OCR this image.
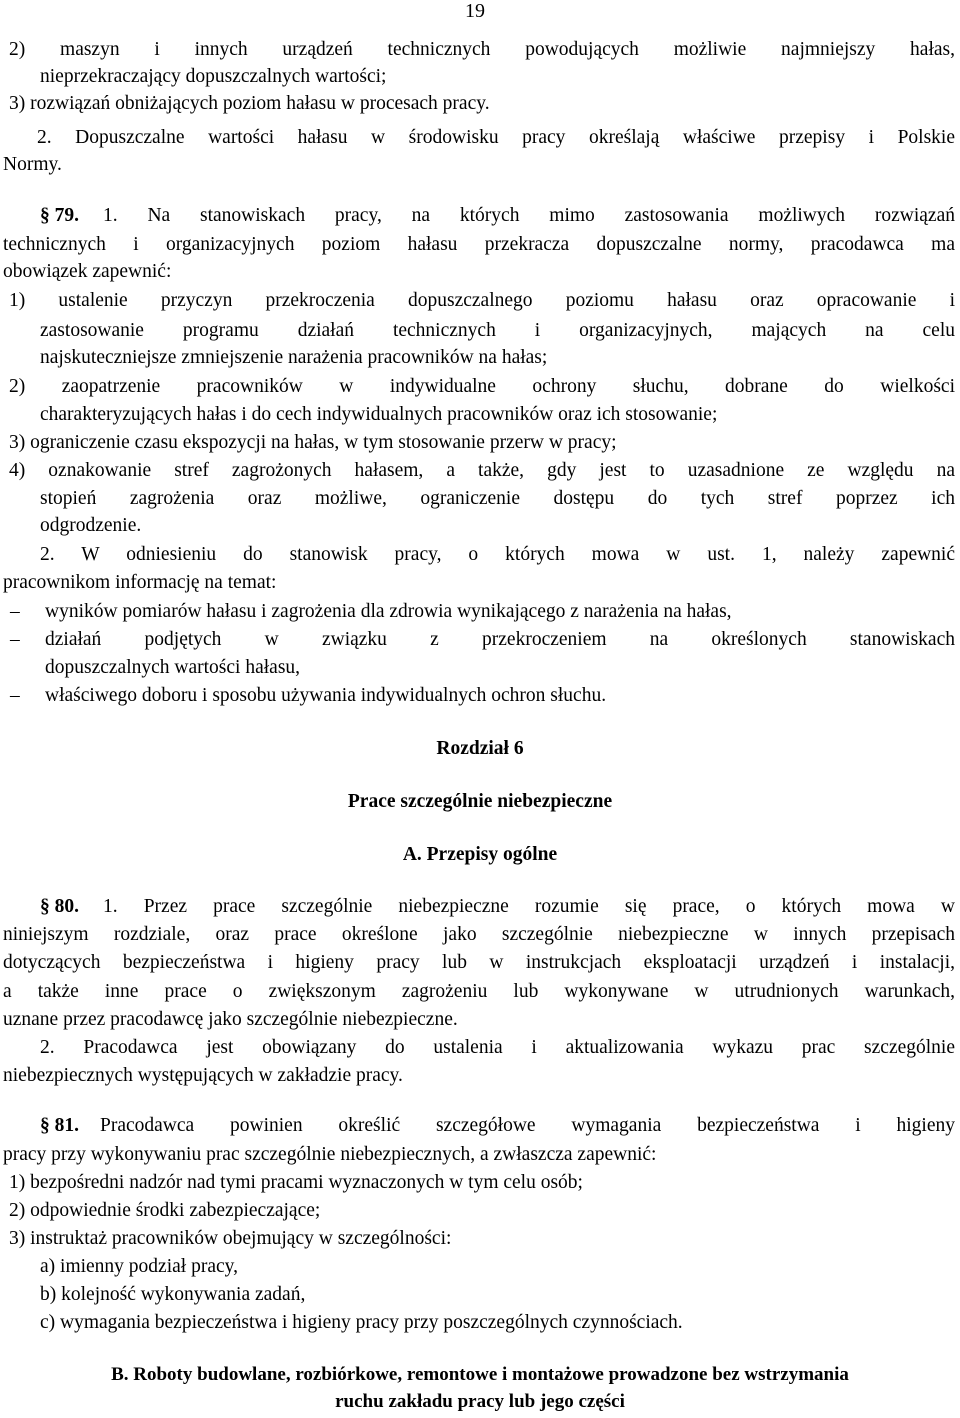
19
2) maszyn i innych urządzeń technicznych powodujących możliwie najmniejszy hałas,
nieprzekraczający dopuszczalnych wartości;
3) rozwiązań obniżających poziom hałasu w procesach pracy.
2. Dopuszczalne wartości hałasu w środowisku pracy określają właściwe przepisy i Polskie
Normy.
§ 79. 1. Na stanowiskach pracy, na których mimo zastosowania możliwych rozwiązań
technicznych i organizacyjnych poziom hałasu przekracza dopuszczalne normy, pracodawca ma
obowiązek zapewnić:
1) ustalenie przyczyn przekroczenia dopuszczalnego poziomu hałasu oraz opracowanie i
zastosowanie programu działań technicznych i organizacyjnych, mających na celu
najskuteczniejsze zmniejszenie narażenia pracowników na hałas;
2) zaopatrzenie pracowników w indywidualne ochrony słuchu, dobrane do wielkości
charakteryzujących hałas i do cech indywidualnych pracowników oraz ich stosowanie;
3) ograniczenie czasu ekspozycji na hałas, w tym stosowanie przerw w pracy;
4) oznakowanie stref zagrożonych hałasem, a także, gdy jest to uzasadnione ze względu na
stopień zagrożenia oraz możliwe, ograniczenie dostępu do tych stref poprzez ich
odgrodzenie.
2. W odniesieniu do stanowisk pracy, o których mowa w ust. 1, należy zapewnić
pracownikom informację na temat:
– wyników pomiarów hałasu i zagrożenia dla zdrowia wynikającego z narażenia na hałas,
– działań podjętych w związku z przekroczeniem na określonych stanowiskach
dopuszczalnych wartości hałasu,
– właściwego doboru i sposobu używania indywidualnych ochron słuchu.
Rozdział 6
Prace szczególnie niebezpieczne
A. Przepisy ogólne
§ 80. 1. Przez prace szczególnie niebezpieczne rozumie się prace, o których mowa w
niniejszym rozdziale, oraz prace określone jako szczególnie niebezpieczne w innych przepisach
dotyczących bezpieczeństwa i higieny pracy lub w instrukcjach eksploatacji urządzeń i instalacji,
a także inne prace o zwiększonym zagrożeniu lub wykonywane w utrudnionych warunkach,
uznane przez pracodawcę jako szczególnie niebezpieczne.
2. Pracodawca jest obowiązany do ustalenia i aktualizowania wykazu prac szczególnie
niebezpiecznych występujących w zakładzie pracy.
§ 81. Pracodawca powinien określić szczegółowe wymagania bezpieczeństwa i higieny
pracy przy wykonywaniu prac szczególnie niebezpiecznych, a zwłaszcza zapewnić:
1) bezpośredni nadzór nad tymi pracami wyznaczonych w tym celu osób;
2) odpowiednie środki zabezpieczające;
3) instruktaż pracowników obejmujący w szczególności:
a) imienny podział pracy,
b) kolejność wykonywania zadań,
c) wymagania bezpieczeństwa i higieny pracy przy poszczególnych czynnościach.
B. Roboty budowlane, rozbiórkowe, remontowe i montażowe prowadzone bez wstrzymania
ruchu zakładu pracy lub jego części
